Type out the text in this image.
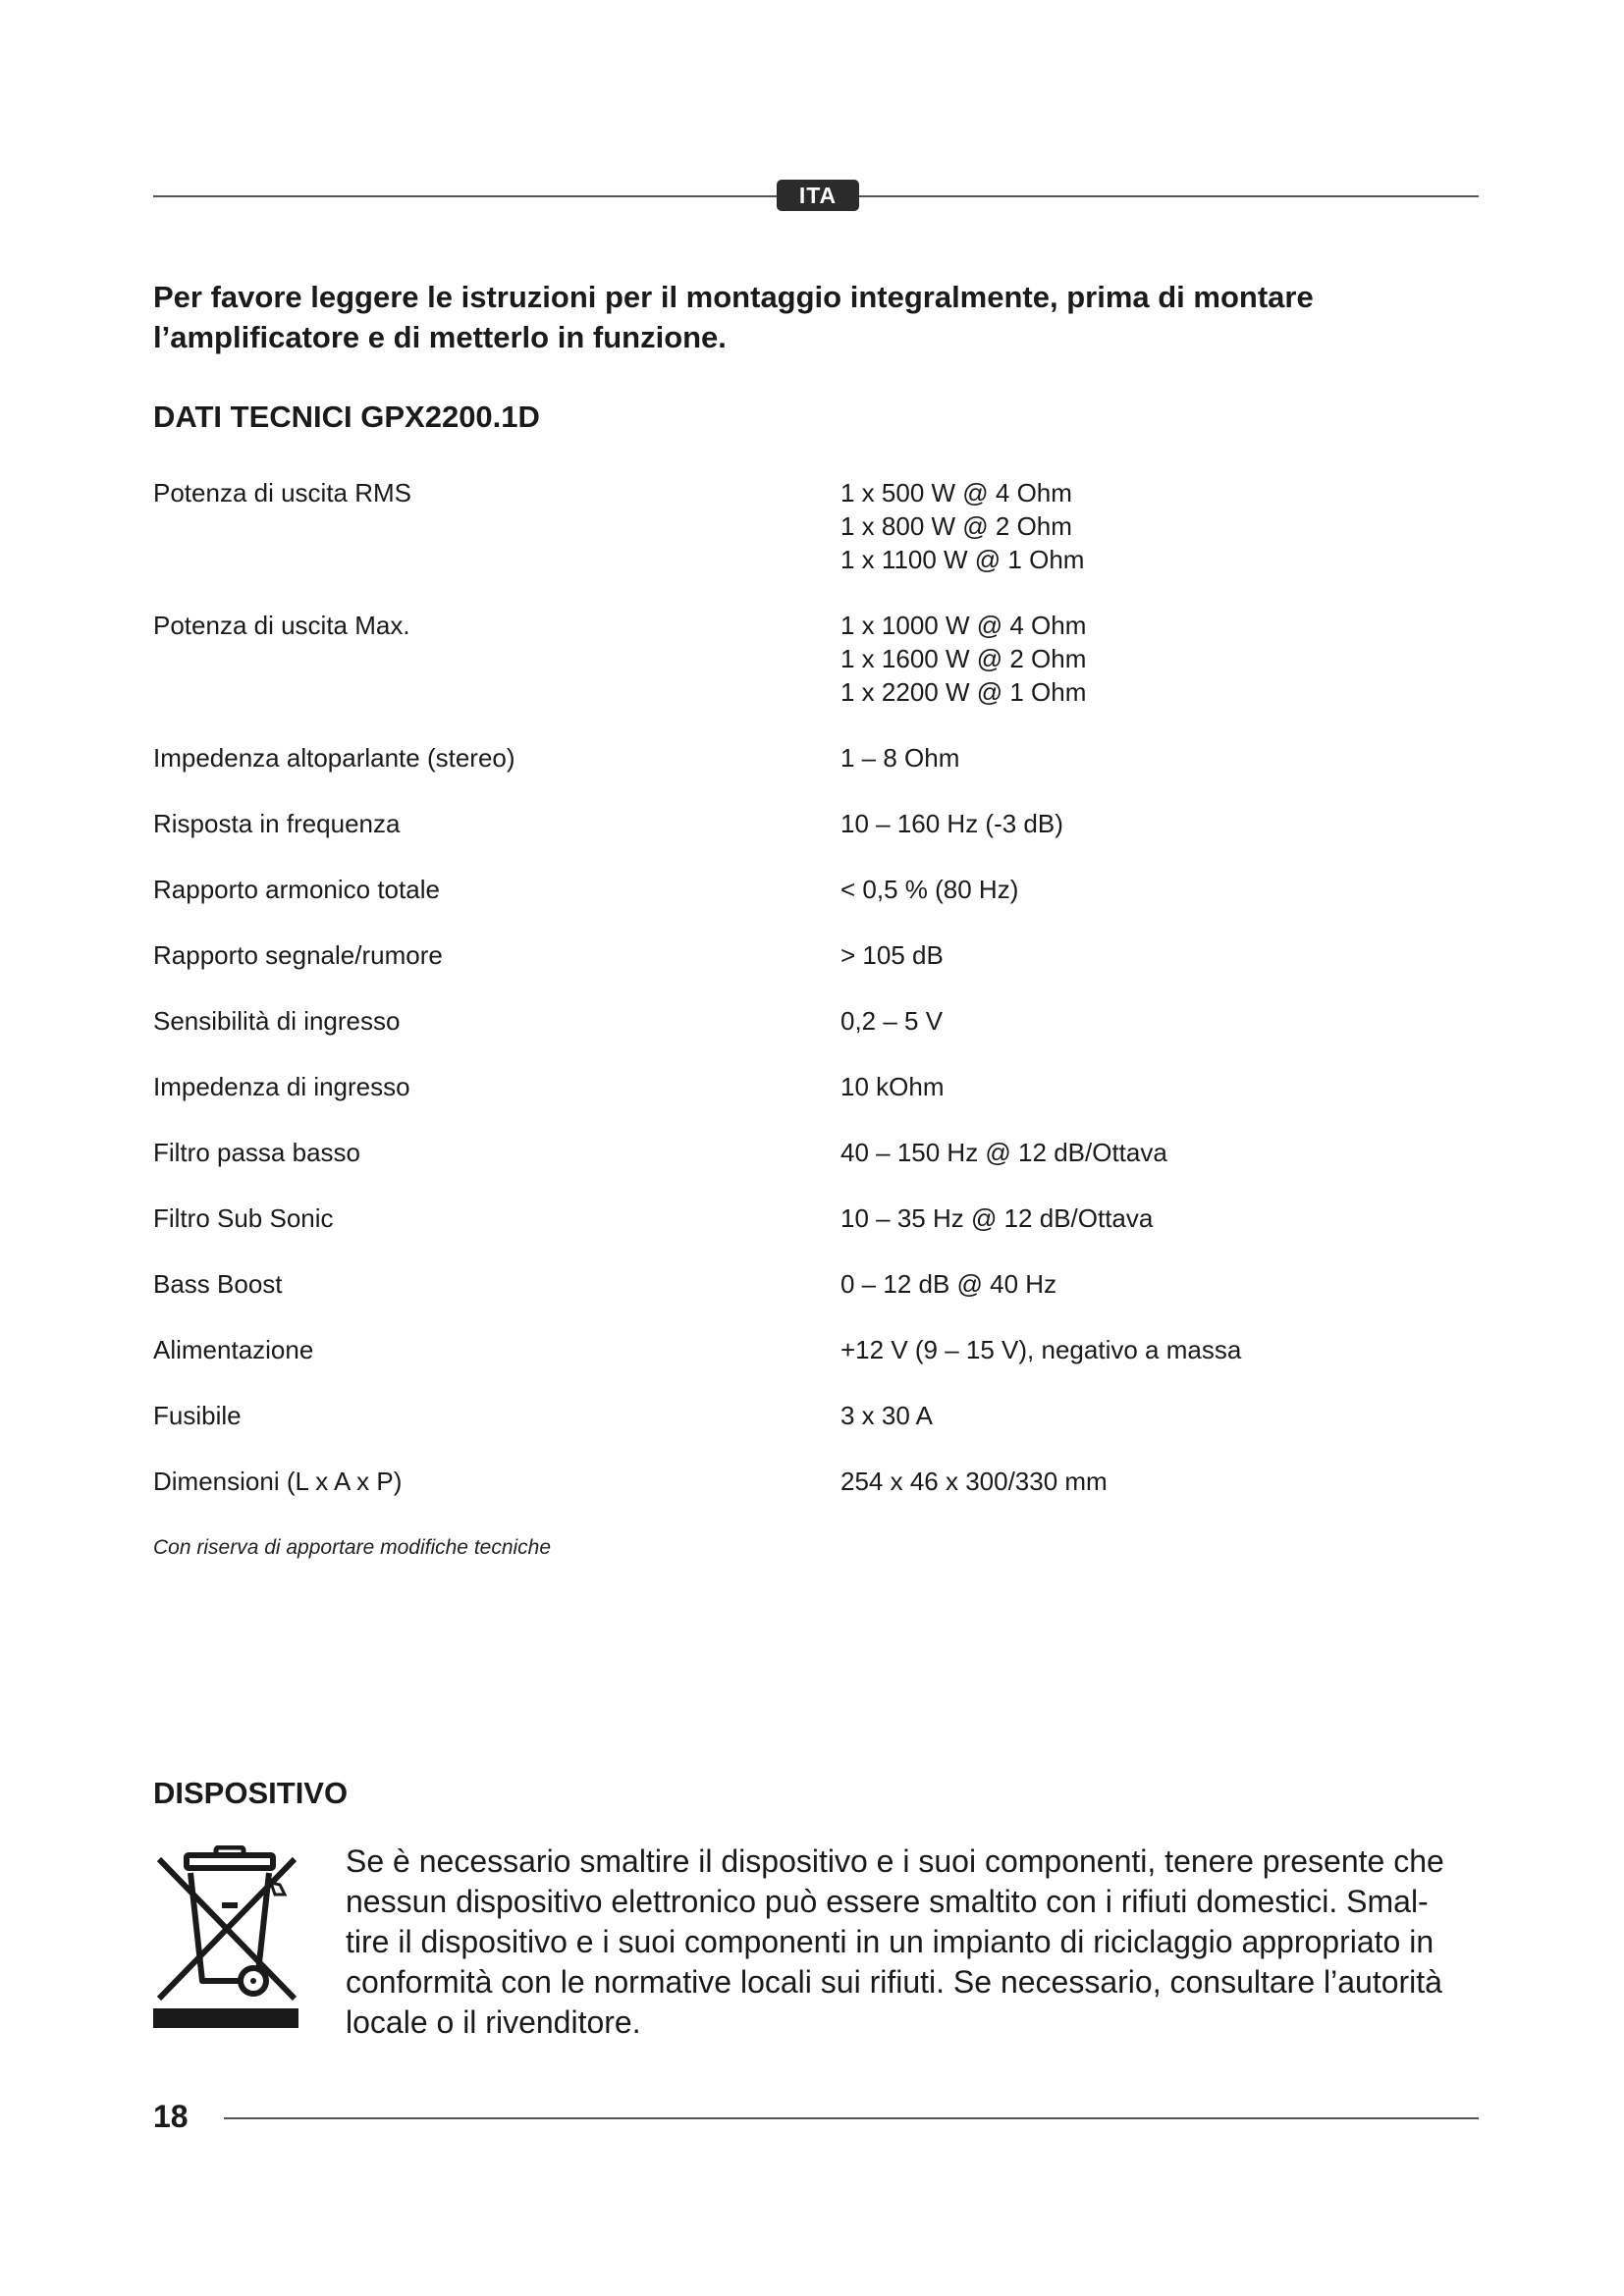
ITA

Per favore leggere le istruzioni per il montaggio integralmente, prima di montare l’amplificatore e di metterlo in funzione.

DATI TECNICI GPX2200.1D
Potenza di uscita RMS	1 x 500 W @ 4 Ohm
1 x 800 W @ 2 Ohm
1 x 1100 W @ 1 Ohm
Potenza di uscita Max.	1 x 1000 W @ 4 Ohm
1 x 1600 W @ 2 Ohm
1 x 2200 W @ 1 Ohm
Impedenza altoparlante (stereo)	1 – 8 Ohm
Risposta in frequenza	10 – 160 Hz (-3 dB)
Rapporto armonico totale	< 0,5 % (80 Hz)
Rapporto segnale/rumore	> 105 dB
Sensibilità di ingresso	0,2 – 5 V
Impedenza di ingresso	10 kOhm
Filtro passa basso	40 – 150 Hz @ 12 dB/Ottava
Filtro Sub Sonic	10 – 35 Hz @ 12 dB/Ottava
Bass Boost	0 – 12 dB @ 40 Hz
Alimentazione	+12 V (9 – 15 V), negativo a massa
Fusibile	3 x 30 A
Dimensioni (L x A x P)	254 x 46 x 300/330 mm
Con riserva di apportare modifiche tecniche
DISPOSITIVO

Se è necessario smaltire il dispositivo e i suoi componenti, tenere presente che
nessun dispositivo elettronico può essere smaltito con i rifiuti domestici. Smal-
tire il dispositivo e i suoi componenti in un impianto di riciclaggio appropriato in
conformità con le normative locali sui rifiuti. Se necessario, consultare l’autorità
locale o il rivenditore.

18
